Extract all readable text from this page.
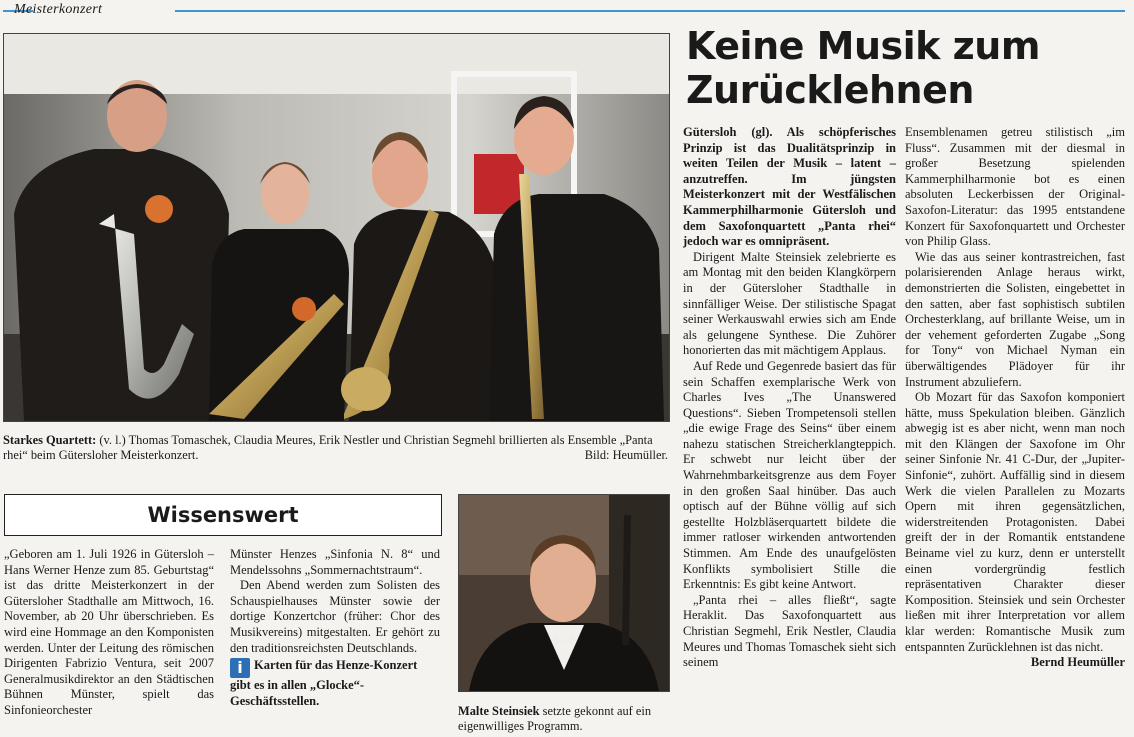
Meisterkonzert
Starkes Quartett: (v. l.) Thomas Tomaschek, Claudia Meures, Erik Nestler und Christian Segmehl brillierten als Ensemble „Panta rhei“ beim Gütersloher Meisterkonzert.	Bild: Heumüller.
Keine Musik zum Zurücklehnen

Gütersloh (gl). Als schöpferisches Prinzip ist das Dualitätsprinzip in weiten Teilen der Musik – latent – anzutreffen. Im jüngsten Meisterkonzert mit der Westfälischen Kammerphilharmonie Gütersloh und dem Saxofonquartett „Panta rhei“ jedoch war es omnipräsent.

Dirigent Malte Steinsiek zelebrierte es am Montag mit den beiden Klangkörpern in der Gütersloher Stadthalle in sinnfälliger Weise. Der stilistische Spagat seiner Werkauswahl erwies sich am Ende als gelungene Synthese. Die Zuhörer honorierten das mit mächtigem Applaus.

Auf Rede und Gegenrede basiert das für sein Schaffen exemplarische Werk von Charles Ives „The Unanswered Questions“. Sieben Trompetensoli stellen „die ewige Frage des Seins“ über einem nahezu statischen Streicherklangteppich. Er schwebt nur leicht über der Wahrnehmbarkeitsgrenze aus dem Foyer in den großen Saal hinüber. Das auch optisch auf der Bühne völlig auf sich gestellte Holzbläserquartett bildete die immer ratloser wirkenden antwortenden Stimmen. Am Ende des unaufgelösten Konflikts symbolisiert Stille die Erkenntnis: Es gibt keine Antwort.

„Panta rhei – alles fließt“, sagte Heraklit. Das Saxofonquartett aus Christian Segmehl, Erik Nestler, Claudia Meures und Thomas Tomaschek sieht sich seinem

Ensemblenamen getreu stilistisch „im Fluss“. Zusammen mit der diesmal in großer Besetzung spielenden Kammerphilharmonie bot es einen absoluten Leckerbissen der Original-Saxofon-Literatur: das 1995 entstandene Konzert für Saxofonquartett und Orchester von Philip Glass.

Wie das aus seiner kontrastreichen, fast polarisierenden Anlage heraus wirkt, demonstrierten die Solisten, eingebettet in den satten, aber fast sophistisch subtilen Orchesterklang, auf brillante Weise, um in der vehement geforderten Zugabe „Song for Tony“ von Michael Nyman ein überwältigendes Plädoyer für ihr Instrument abzuliefern.

Ob Mozart für das Saxofon komponiert hätte, muss Spekulation bleiben. Gänzlich abwegig ist es aber nicht, wenn man noch mit den Klängen der Saxofone im Ohr seiner Sinfonie Nr. 41 C-Dur, der „Jupiter-Sinfonie“, zuhört. Auffällig sind in diesem Werk die vielen Parallelen zu Mozarts Opern mit ihren gegensätzlichen, widerstreitenden Protagonisten. Dabei greift der in der Romantik entstandene Beiname viel zu kurz, denn er unterstellt einen vordergründig festlich repräsentativen Charakter dieser Komposition. Steinsiek und sein Orchester ließen mit ihrer Interpretation vor allem klar werden: Romantische Musik zum entspannten Zurücklehnen ist das nicht.

Bernd Heumüller
Wissenswert

„Geboren am 1. Juli 1926 in Gütersloh – Hans Werner Henze zum 85. Geburtstag“ ist das dritte Meisterkonzert in der Gütersloher Stadthalle am Mittwoch, 16. November, ab 20 Uhr überschrieben. Es wird eine Hommage an den Komponisten werden. Unter der Leitung des römischen Dirigenten Fabrizio Ventura, seit 2007 Generalmusikdirektor an den Städtischen Bühnen Münster, spielt das Sinfonieorchester

Münster Henzes „Sinfonia N. 8“ und Mendelssohns „Sommernachtstraum“.

Den Abend werden zum Solisten des Schauspielhauses Münster sowie der dortige Konzertchor (früher: Chor des Musikvereins) mitgestalten. Er gehört zu den traditionsreichsten Deutschlands.

i Karten für das Henze-Konzert gibt es in allen „Glocke“-Geschäftsstellen.
Malte Steinsiek setzte gekonnt auf ein eigenwilliges Programm.
